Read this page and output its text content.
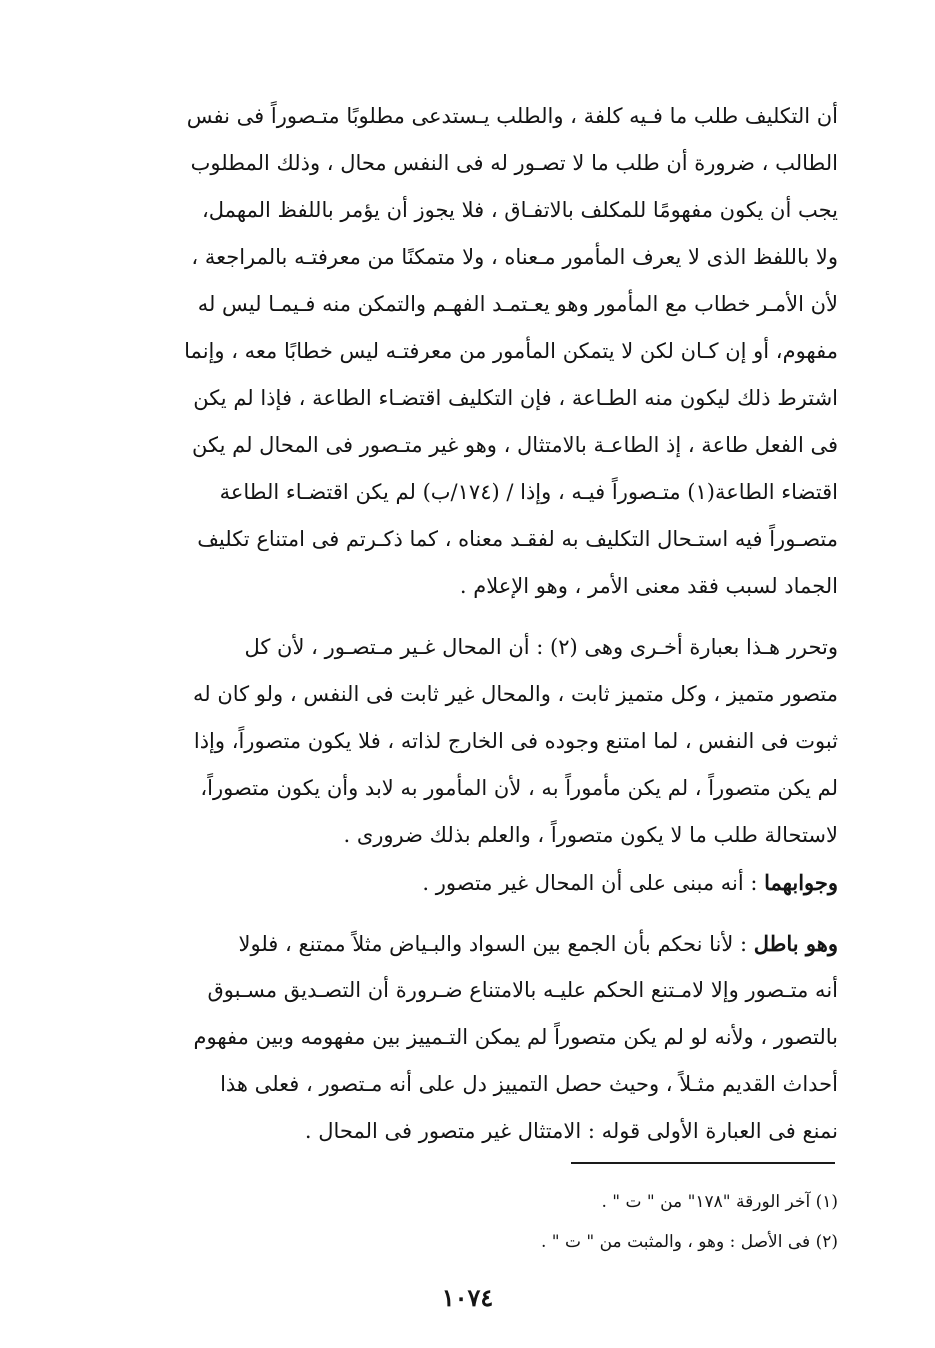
أن التكليف طلب ما فـيه كلفة ، والطلب يـستدعى مطلوبًا متـصوراً فى نفس
الطالب ، ضرورة أن طلب ما لا تصـور له فى النفس محال ، وذلك المطلوب
يجب أن يكون مفهومًا للمكلف بالاتفـاق ، فلا يجوز أن يؤمر باللفظ المهمل،
ولا باللفظ الذى لا يعرف المأمور مـعناه ، ولا متمكنًا من معرفتـه بالمراجعة ،
لأن الأمـر خطاب مع المأمور وهو يعـتمـد الفهـم والتمكن منه فـيمـا ليس له
مفهوم، أو إن كـان لكن لا يتمكن المأمور من معرفتـه ليس خطابًا معه ، وإنما
اشترط ذلك ليكون منه الطـاعة ، فإن التكليف اقتضـاء الطاعة ، فإذا لم يكن
فى الفعل طاعة ، إذ الطاعـة بالامتثال ، وهو غير متـصور فى المحال لم يكن
اقتضاء الطاعة(١) متـصوراً فيـه ، وإذا / (١٧٤/ب) لم يكن اقتضـاء الطاعة
متصـوراً فيه استـحال التكليف به لفقـد معناه ، كما ذكـرتم فى امتناع تكليف
الجماد لسبب فقد معنى الأمر ، وهو الإعلام .
وتحرر هـذا بعبارة أخـرى وهى (٢) : أن المحال غـير مـتصـور ، لأن كل
متصور متميز ، وكل متميز ثابت ، والمحال غير ثابت فى النفس ، ولو كان له
ثبوت فى النفس ، لما امتنع وجوده فى الخارج لذاته ، فلا يكون متصوراً، وإذا
لم يكن متصوراً ، لم يكن مأموراً به ، لأن المأمور به لابد وأن يكون متصوراً،
لاستحالة طلب ما لا يكون متصوراً ، والعلم بذلك ضرورى .
وجوابهما : أنه مبنى على أن المحال غير متصور .
وهو باطل : لأنا نحكم بأن الجمع بين السواد والبـياض مثلاً ممتنع ، فلولا
أنه متـصور وإلا لامـتنع الحكم عليـه بالامتناع ضـرورة أن التصـديق مسـبوق
بالتصور ، ولأنه لو لم يكن متصوراً لم يمكن التـمييز بين مفهومه وبين مفهوم
أحداث القديم مثـلاً ، وحيث حصل التمييز دل على أنه مـتصور ، فعلى هذا
نمنع فى العبارة الأولى قوله : الامتثال غير متصور فى المحال .
(١) آخر الورقة "١٧٨" من " ت " .
(٢) فى الأصل : وهو ، والمثبت من " ت " .
١٠٧٤
